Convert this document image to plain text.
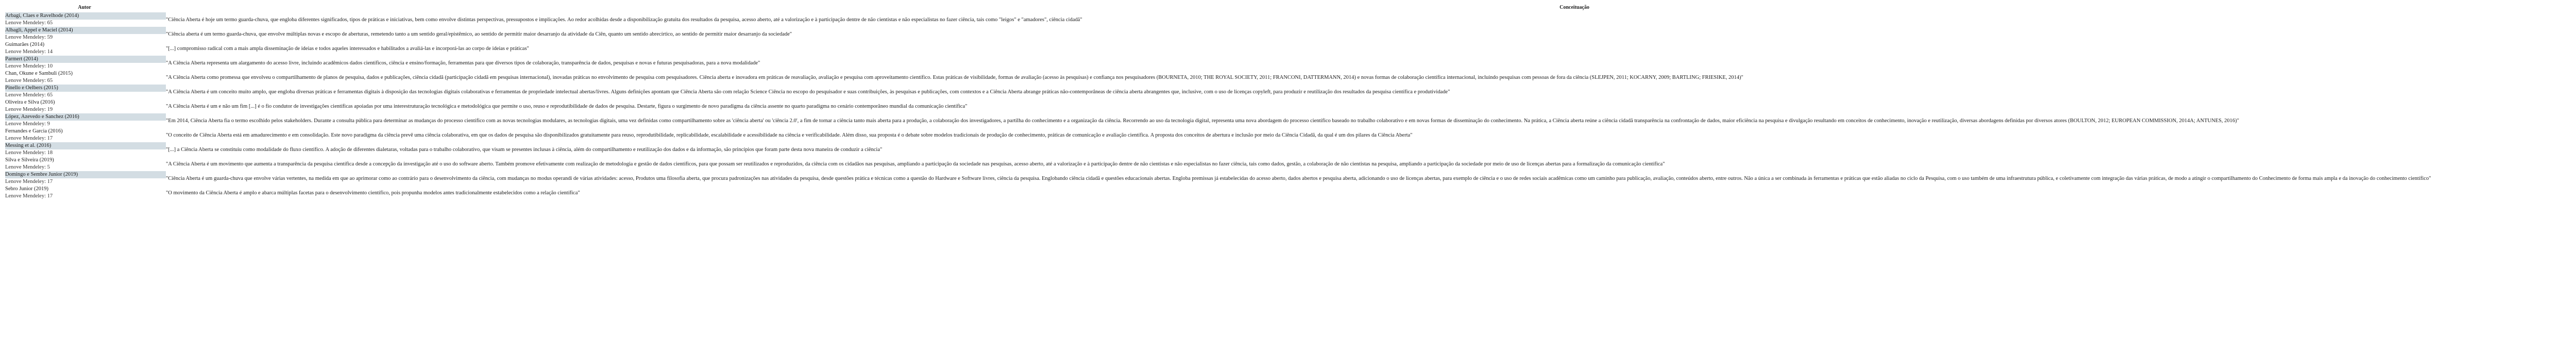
Autor	Conceituação

Arbagi, Claes e Ravelhode (2014)
Lenove Mendeley: 65	"Ciência Aberta é hoje um termo guarda-chuva, que engloba diferentes significados, tipos de práticas e iniciativas, bem como envolve distintas perspectivas, pressupostos e implicações. Ao redor acolhidas desde a disponibilização gratuita dos resultados da pesquisa, acesso aberto, até a valorização e à participação dentre de não cientistas e não especialistas no fazer ciência, tais como "leigos" e "amadores", ciência cidadã"

Albagli, Appel e Maciel (2014)
Lenove Mendeley: 59	"Ciência aberta é um termo guarda-chuva, que envolve múltiplas novas e escopo de aberturas, remetendo tanto a um sentido geral/epistêmico, ao sentido de permitir maior desarranjo da atividade da Ciên, quanto um sentido abrecírtico, ao sentido de permitir maior desarranjo da sociedade"

Guimarães (2014)
Lenove Mendeley: 14	"[...] compromisso radical com a mais ampla disseminação de ideias e todos aqueles interessados e habilitados a avaliá-las e incorporá-las ao corpo de ideias e práticas"

Parmert (2014)
Lenove Mendeley: 10	"A Ciência Aberta representa um alargamento do acesso livre, incluindo acadêmicos dados científicos, ciência e ensino/formação, ferramentas para que diversos tipos de colaboração, transparência de dados, pesquisas e novas e futuras pesquisadoras, para a nova modalidade"

Chan, Okune e Sambuli (2015)
Lenove Mendeley: 65	"A Ciência Aberta como promessa que envolveu o compartilhamento de planos de pesquisa, dados e publicações, ciência cidadã (participação cidadã em pesquisas internacional), inovadas práticas no envolvimento de pesquisa com pesquisadores. Ciência aberta e inovadora em práticas de reavaliação, avaliação e pesquisa com aproveitamento científico. Estas práticas de visibilidade, formas de avaliação (acesso às pesquisas) e confiança nos pesquisadores (BOURNETA, 2010; THE ROYAL SOCIETY, 2011; FRANCONI, DATTERMANN, 2014) e novas formas de colaboração científica internacional, incluindo pesquisas com pessoas de fora da ciência (SLEJPEN, 2011; KOCARNY, 2009; BARTLING; FRIESIKE, 2014)"

Pinello e Oelbers (2015)
Lenove Mendeley: 65	"A Ciência Aberta é um conceito muito amplo, que engloba diversas práticas e ferramentas digitais à disposição das tecnologias digitais colaborativas e ferramentas de propriedade intelectual abertas/livres. Alguns definições apontam que Ciência Aberta são com relação Science Ciência no escopo do pesquisador e suas contribuições, às pesquisas e publicações, com contextos e a Ciência Aberta abrange práticas não-contemporâneas de ciência aberta abrangentes que, inclusive, com o uso de licenças copyleft, para produzir e reutilização dos resultados da pesquisa científica e produtividade"

Oliveira e Silva (2016)
Lenove Mendeley: 19	"A Ciência Aberta é um e não um fim [...] é o fio condutor de investigações científicas apoiadas por uma interestruturação tecnológica e metodológica que permite o uso, reuso e reprodutibilidade de dados de pesquisa. Destarte, figura o surgimento de novo paradigma da ciência assente no quarto paradigma no cenário contemporâneo mundial da comunicação científica"

López, Azevedo e Sanchez (2016)
Lenove Mendeley: 9	"Em 2014, Ciência Aberta fia o termo escolhido pelos stakeholders. Durante a consulta pública para determinar as mudanças do processo científico com as novas tecnologias modulares, as tecnologias digitais, uma vez definidas como compartilhamento sobre as 'ciência aberta' ou 'ciência 2.0', a fim de tornar a ciência tanto mais aberta para a produção, a colaboração dos investigadores, a partilha do conhecimento e a organização da ciência. Recorrendo ao uso da tecnologia digital, representa uma nova abordagem do processo científico baseado no trabalho colaborativo e em novas formas de disseminação do conhecimento. Na prática, a Ciência aberta reúne a ciência cidadã transparência na confrontação de dados, maior eficiência na pesquisa e divulgação resultando em conceitos de conhecimento, inovação e reutilização, diversas abordagens definidas por diversos atores (BOULTON, 2012; EUROPEAN COMMISSION, 2014A; ANTUNES, 2016)"

Fernandes e Garcia (2016)
Lenove Mendeley: 17	"O conceito de Ciência Aberta está em amadurecimento e em consolidação. Este novo paradigma da ciência prevê uma ciência colaborativa, em que os dados de pesquisa são disponibilizados gratuitamente para reuso, reprodutibilidade, replicabilidade, escalabilidade e acessibilidade na ciência e verificabilidade. Além disso, sua proposta é o debate sobre modelos tradicionais de produção de conhecimento, práticas de comunicação e avaliação científica. A proposta dos conceitos de abertura e inclusão por meio da Ciência Cidadã, da qual é um dos pilares da Ciência Aberta"

Messing et al. (2016)
Lenove Mendeley: 18	"[...] a Ciência Aberta se constituiu como modalidade do fluxo científico. A adoção de diferentes dialetaras, voltadas para o trabalho colaborativo, que visam se presentes inclusas à ciência, além do compartilhamento e reutilização dos dados e da informação, são princípios que foram parte desta nova maneira de conduzir a ciência"

Silva e Silveira (2019)
Lenove Mendeley: 5	"A Ciência Aberta é um movimento que aumenta a transparência da pesquisa científica desde a concepção da investigação até o uso do software aberto. Também promove efetivamente com realização de metodologia e gestão de dados científicos, para que possam ser reutilizados e reproduzidos, da ciência com os cidadãos nas pesquisas, ampliando a participação da sociedade nas pesquisas, acesso aberto, até a valorização e à participação dentre de não cientistas e não especialistas no fazer ciência, tais como dados, gestão, a colaboração de não cientistas na pesquisa, ampliando a participação da sociedade por meio de uso de licenças abertas para a formalização da comunicação científica"

Domingo e Sembre Junior (2019)
Lenove Mendeley: 17	"Ciência Aberta é um guarda-chuva que envolve várias vertentes, na medida em que ao aprimorar como ao contrário para o desenvolvimento da ciência, com mudanças no modus operandi de várias atividades: acesso, Produtos uma filosofia aberta, que procura padronizações nas atividades da pesquisa, desde questões prática e técnicas como a questão do Hardware e Software livres, ciência da pesquisa. Englobando ciência cidadã e questões educacionais abertas. Engloba premissas já estabelecidas do acesso aberto, dados abertos e pesquisa aberta, adicionando o uso de licenças abertas, para exemplo de ciência e o uso de redes sociais acadêmicas como um caminho para publicação, avaliação, conteúdos aberto, entre outros. Não a única a ser combinada às ferramentas e práticas que estão aliadas no ciclo da Pesquisa, com o uso também de uma infraestrutura pública, e coletivamente com integração das várias práticas, de modo a atingir o compartilhamento do Conhecimento de forma mais ampla e da inovação do conhecimento científico"

Sebro Junior (2019)
Lenove Mendeley: 17	"O movimento da Ciência Aberta é amplo e abarca múltiplas facetas para o desenvolvimento científico, pois propunha modelos antes tradicionalmente estabelecidos como a relação científica"
